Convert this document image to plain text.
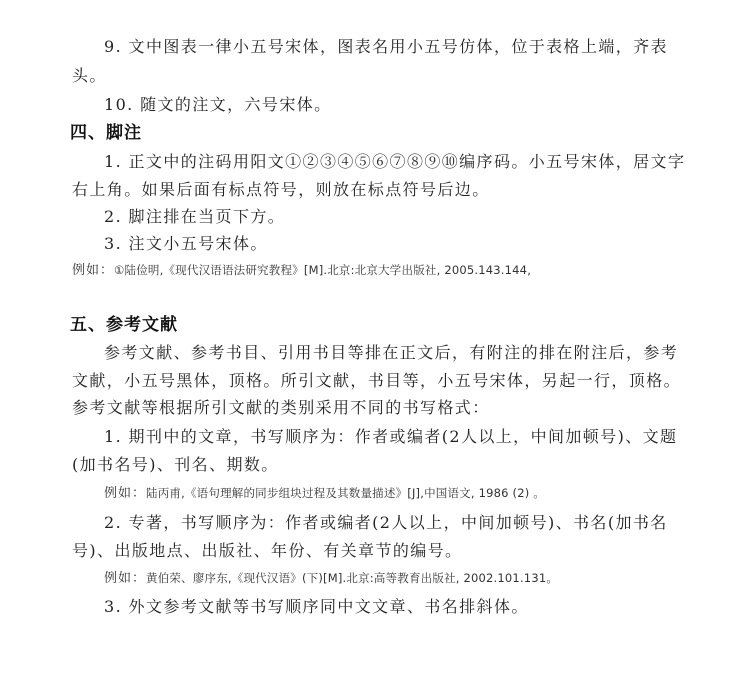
9. 文中图表一律小五号宋体，图表名用小五号仿体，位于表格上端，齐表
头。
10. 随文的注文，六号宋体。
四、脚注
1. 正文中的注码用阳文①②③④⑤⑥⑦⑧⑨⑩编序码。小五号宋体，居文字
右上角。如果后面有标点符号，则放在标点符号后边。
2. 脚注排在当页下方。
3. 注文小五号宋体。
例如：①陆俭明,《现代汉语语法研究教程》[M].北京:北京大学出版社, 2005.143.144,
五、参考文献
参考文献、参考书目、引用书目等排在正文后，有附注的排在附注后，参考
文献，小五号黑体，顶格。所引文献，书目等，小五号宋体，另起一行，顶格。
参考文献等根据所引文献的类别采用不同的书写格式：
1. 期刊中的文章，书写顺序为：作者或编者(2人以上，中间加顿号)、文题
(加书名号)、刊名、期数。
例如：陆丙甫,《语句理解的同步组块过程及其数量描述》[J],中国语文, 1986 (2) 。
2. 专著，书写顺序为：作者或编者(2人以上，中间加顿号)、书名(加书名
号)、出版地点、出版社、年份、有关章节的编号。
例如：黄伯荣、廖序东,《现代汉语》(下)[M].北京:高等教育出版社, 2002.101.131。
3. 外文参考文献等书写顺序同中文文章、书名排斜体。
